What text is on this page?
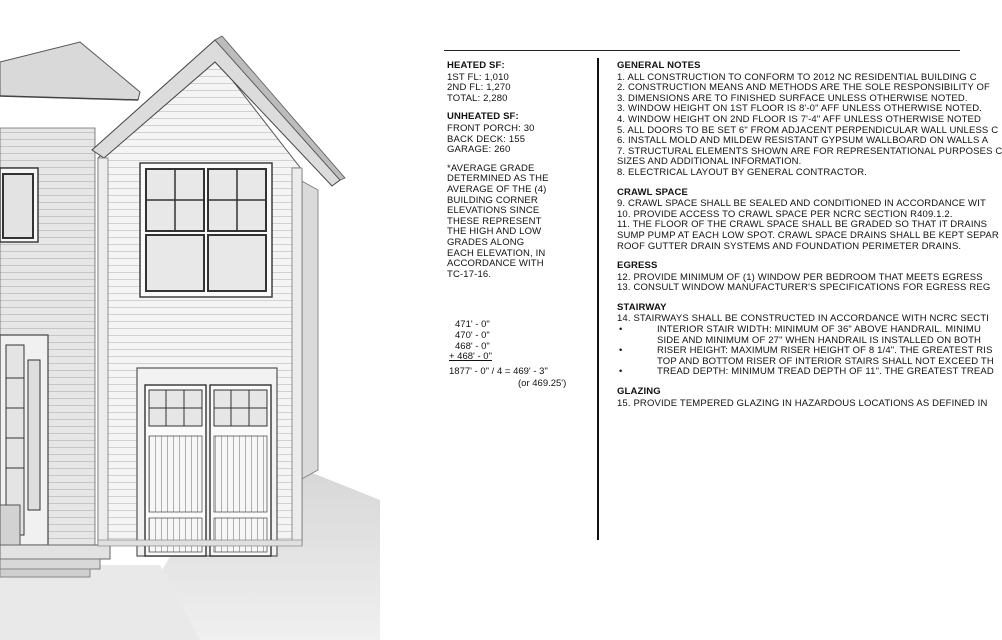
HEATED SF:
1ST FL: 1,010
2ND FL: 1,270
TOTAL: 2,280
UNHEATED SF:
FRONT PORCH: 30
BACK DECK: 155
GARAGE: 260
*AVERAGE GRADE
DETERMINED AS THE
AVERAGE OF THE (4)
BUILDING CORNER
ELEVATIONS SINCE
THESE REPRESENT
THE HIGH AND LOW
GRADES ALONG
EACH ELEVATION, IN
ACCORDANCE WITH
TC-17-16.
471' - 0"
470' - 0"
468' - 0"
+ 468' - 0"
1877' - 0" / 4 = 469' - 3"
(or 469.25')
GENERAL NOTES
1. ALL CONSTRUCTION TO CONFORM TO 2012 NC RESIDENTIAL BUILDING C
2. CONSTRUCTION MEANS AND METHODS ARE THE SOLE RESPONSIBILITY OF
3. DIMENSIONS ARE TO FINISHED SURFACE UNLESS OTHERWISE NOTED.
3. WINDOW HEIGHT ON 1ST FLOOR IS 8'-0" AFF UNLESS OTHERWISE NOTED.
4. WINDOW HEIGHT ON 2ND FLOOR IS 7'-4" AFF UNLESS OTHERWISE NOTED
5. ALL DOORS TO BE SET 6" FROM ADJACENT PERPENDICULAR WALL UNLESS C
6. INSTALL MOLD AND MILDEW RESISTANT GYPSUM WALLBOARD ON WALLS A
7. STRUCTURAL ELEMENTS SHOWN ARE FOR REPRESENTATIONAL PURPOSES C
SIZES AND ADDITIONAL INFORMATION.
8. ELECTRICAL LAYOUT BY GENERAL CONTRACTOR.
CRAWL SPACE
9. CRAWL SPACE SHALL BE SEALED AND CONDITIONED IN ACCORDANCE WIT
10. PROVIDE ACCESS TO CRAWL SPACE PER NCRC SECTION R409.1.2.
11. THE FLOOR OF THE CRAWL SPACE SHALL BE GRADED SO THAT IT DRAINS
SUMP PUMP AT EACH LOW SPOT. CRAWL SPACE DRAINS SHALL BE KEPT SEPAR
ROOF GUTTER DRAIN SYSTEMS AND FOUNDATION PERIMETER DRAINS.
EGRESS
12. PROVIDE MINIMUM OF (1) WINDOW PER BEDROOM THAT MEETS EGRESS
13. CONSULT WINDOW MANUFACTURER'S SPECIFICATIONS FOR EGRESS REG
STAIRWAY
14. STAIRWAYS SHALL BE CONSTRUCTED IN ACCORDANCE WITH NCRC SECTI
•	INTERIOR STAIR WIDTH: MINIMUM OF 36" ABOVE HANDRAIL. MINIMU
SIDE AND MINIMUM OF 27" WHEN HANDRAIL IS INSTALLED ON BOTH
•	RISER HEIGHT: MAXIMUM RISER HEIGHT OF 8 1/4". THE GREATEST RIS
TOP AND BOTTOM RISER OF INTERIOR STAIRS SHALL NOT EXCEED TH
•	TREAD DEPTH: MINIMUM TREAD DEPTH OF 11". THE GREATEST TREAD
GLAZING
15. PROVIDE TEMPERED GLAZING IN HAZARDOUS LOCATIONS AS DEFINED IN
